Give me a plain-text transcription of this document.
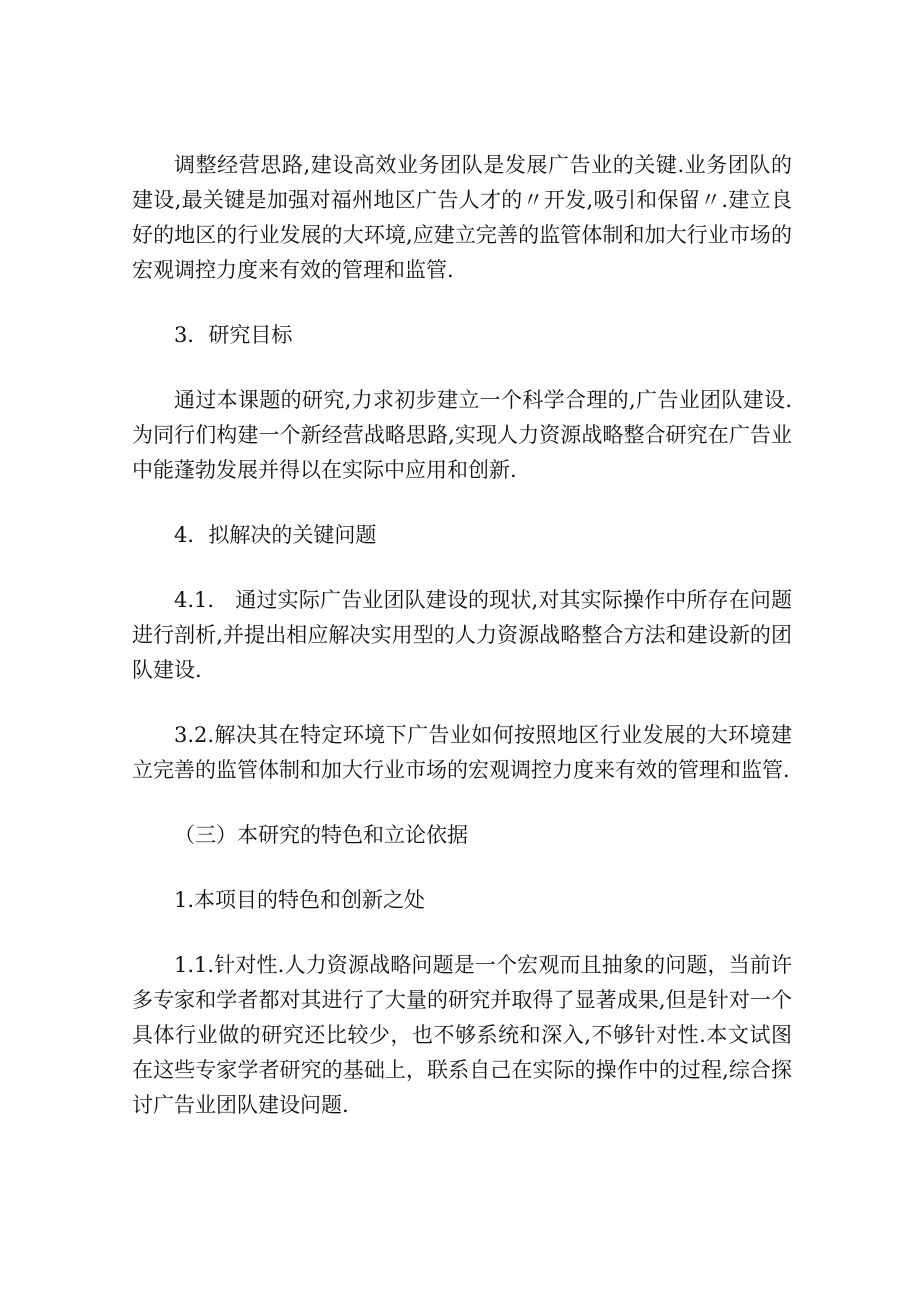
调整经营思路,建设高效业务团队是发展广告业的关键.业务团队的建设,最关键是加强对福州地区广告人才的〃开发,吸引和保留〃.建立良好的地区的行业发展的大环境,应建立完善的监管体制和加大行业市场的宏观调控力度来有效的管理和监管.

3．研究目标

通过本课题的研究,力求初步建立一个科学合理的,广告业团队建设.为同行们构建一个新经营战略思路,实现人力资源战略整合研究在广告业中能蓬勃发展并得以在实际中应用和创新.

4．拟解决的关键问题

4.1.　通过实际广告业团队建设的现状,对其实际操作中所存在问题进行剖析,并提出相应解决实用型的人力资源战略整合方法和建设新的团队建设.

3.2.解决其在特定环境下广告业如何按照地区行业发展的大环境建立完善的监管体制和加大行业市场的宏观调控力度来有效的管理和监管.

（三）本研究的特色和立论依据

1.本项目的特色和创新之处

1.1.针对性.人力资源战略问题是一个宏观而且抽象的问题，当前许多专家和学者都对其进行了大量的研究并取得了显著成果,但是针对一个具体行业做的研究还比较少，也不够系统和深入,不够针对性.本文试图在这些专家学者研究的基础上，联系自己在实际的操作中的过程,综合探讨广告业团队建设问题.
